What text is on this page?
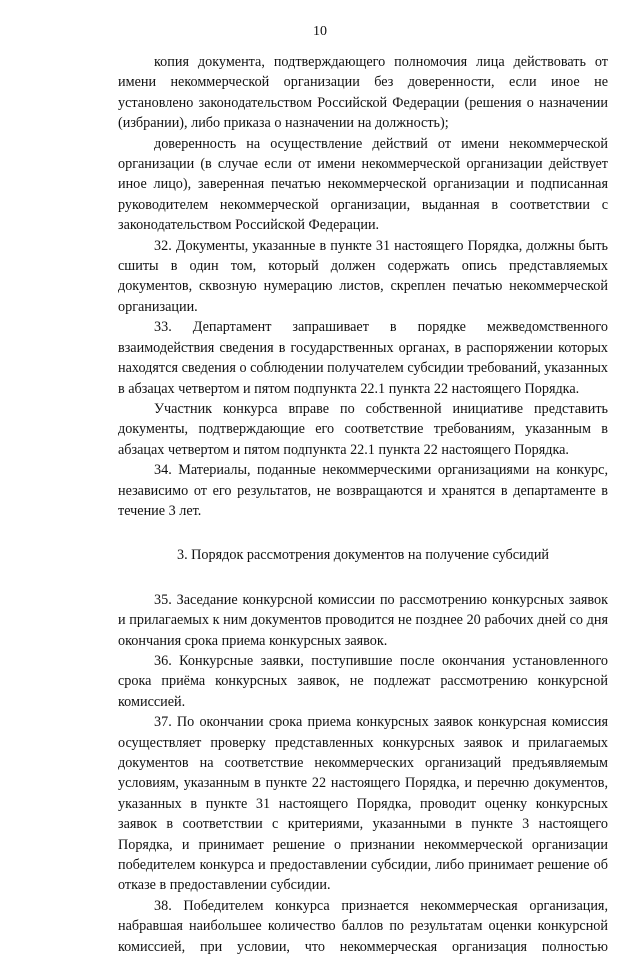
10

копия документа, подтверждающего полномочия лица действовать от имени некоммерческой организации без доверенности, если иное не установлено законодательством Российской Федерации (решения о назначении (избрании), либо приказа о назначении на должность);

доверенность на осуществление действий от имени некоммерческой организации (в случае если от имени некоммерческой организации действует иное лицо), заверенная печатью некоммерческой организации и подписанная руководителем некоммерческой организации, выданная в соответствии с законодательством Российской Федерации.

32. Документы, указанные в пункте 31 настоящего Порядка, должны быть сшиты в один том, который должен содержать опись представляемых документов, сквозную нумерацию листов, скреплен печатью некоммерческой организации.

33. Департамент запрашивает в порядке межведомственного взаимодействия сведения в государственных органах, в распоряжении которых находятся сведения о соблюдении получателем субсидии требований, указанных в абзацах четвертом и пятом подпункта 22.1 пункта 22 настоящего Порядка.

Участник конкурса вправе по собственной инициативе представить документы, подтверждающие его соответствие требованиям, указанным в абзацах четвертом и пятом подпункта 22.1 пункта 22 настоящего Порядка.

34. Материалы, поданные некоммерческими организациями на конкурс, независимо от его результатов, не возвращаются и хранятся в департаменте в течение 3 лет.

3. Порядок рассмотрения документов на получение субсидий

35. Заседание конкурсной комиссии по рассмотрению конкурсных заявок и прилагаемых к ним документов проводится не позднее 20 рабочих дней со дня окончания срока приема конкурсных заявок.

36. Конкурсные заявки, поступившие после окончания установленного срока приёма конкурсных заявок, не подлежат рассмотрению конкурсной комиссией.

37. По окончании срока приема конкурсных заявок конкурсная комиссия осуществляет проверку представленных конкурсных заявок и прилагаемых документов на соответствие некоммерческих организаций предъявляемым условиям, указанным в пункте 22 настоящего Порядка, и перечню документов, указанных в пункте 31 настоящего Порядка, проводит оценку конкурсных заявок в соответствии с критериями, указанными в пункте 3 настоящего Порядка, и принимает решение о признании некоммерческой организации победителем конкурса и предоставлении субсидии, либо принимает решение об отказе в предоставлении субсидии.

38. Победителем конкурса признается некоммерческая организация, набравшая наибольшее количество баллов по результатам оценки конкурсной комиссией, при условии, что некоммерческая организация полностью
